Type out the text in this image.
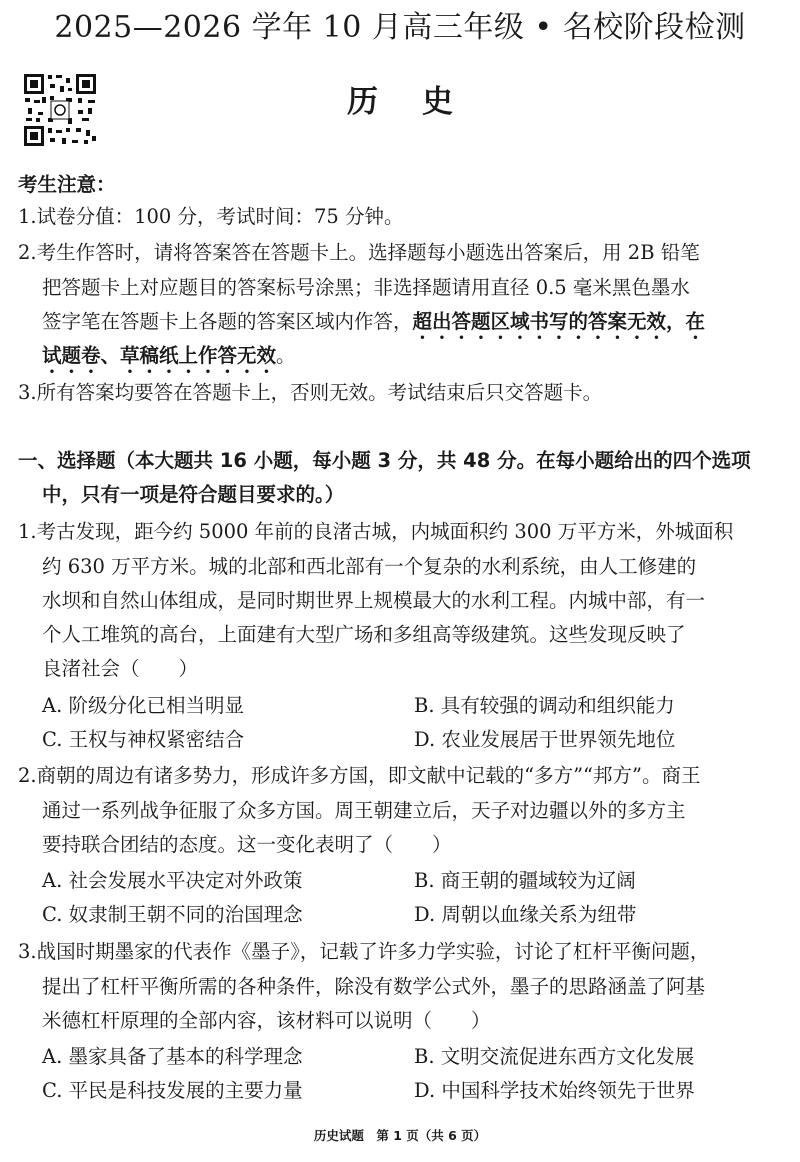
2025—2026 学年 10 月高三年级 • 名校阶段检测
历史
考生注意：
1.试卷分值：100 分，考试时间：75 分钟。
2.考生作答时，请将答案答在答题卡上。选择题每小题选出答案后，用 2B 铅笔
把答题卡上对应题目的答案标号涂黑；非选择题请用直径 0.5 毫米黑色墨水
签字笔在答题卡上各题的答案区域内作答，超出答题区域书写的答案无效，在
试题卷、草稿纸上作答无效。
3.所有答案均要答在答题卡上，否则无效。考试结束后只交答题卡。
一、选择题（本大题共 16 小题，每小题 3 分，共 48 分。在每小题给出的四个选项
中，只有一项是符合题目要求的。）
1.考古发现，距今约 5000 年前的良渚古城，内城面积约 300 万平方米，外城面积
约 630 万平方米。城的北部和西北部有一个复杂的水利系统，由人工修建的
水坝和自然山体组成，是同时期世界上规模最大的水利工程。内城中部，有一
个人工堆筑的高台，上面建有大型广场和多组高等级建筑。这些发现反映了
良渚社会（　　）
A. 阶级分化已相当明显	B. 具有较强的调动和组织能力
C. 王权与神权紧密结合	D. 农业发展居于世界领先地位
2.商朝的周边有诸多势力，形成许多方国，即文献中记载的“多方”“邦方”。商王
通过一系列战争征服了众多方国。周王朝建立后，天子对边疆以外的多方主
要持联合团结的态度。这一变化表明了（　　）
A. 社会发展水平决定对外政策	B. 商王朝的疆域较为辽阔
C. 奴隶制王朝不同的治国理念	D. 周朝以血缘关系为纽带
3.战国时期墨家的代表作《墨子》，记载了许多力学实验，讨论了杠杆平衡问题，
提出了杠杆平衡所需的各种条件，除没有数学公式外，墨子的思路涵盖了阿基
米德杠杆原理的全部内容，该材料可以说明（　　）
A. 墨家具备了基本的科学理念	B. 文明交流促进东西方文化发展
C. 平民是科技发展的主要力量	D. 中国科学技术始终领先于世界
历史试题　第 1 页（共 6 页）
